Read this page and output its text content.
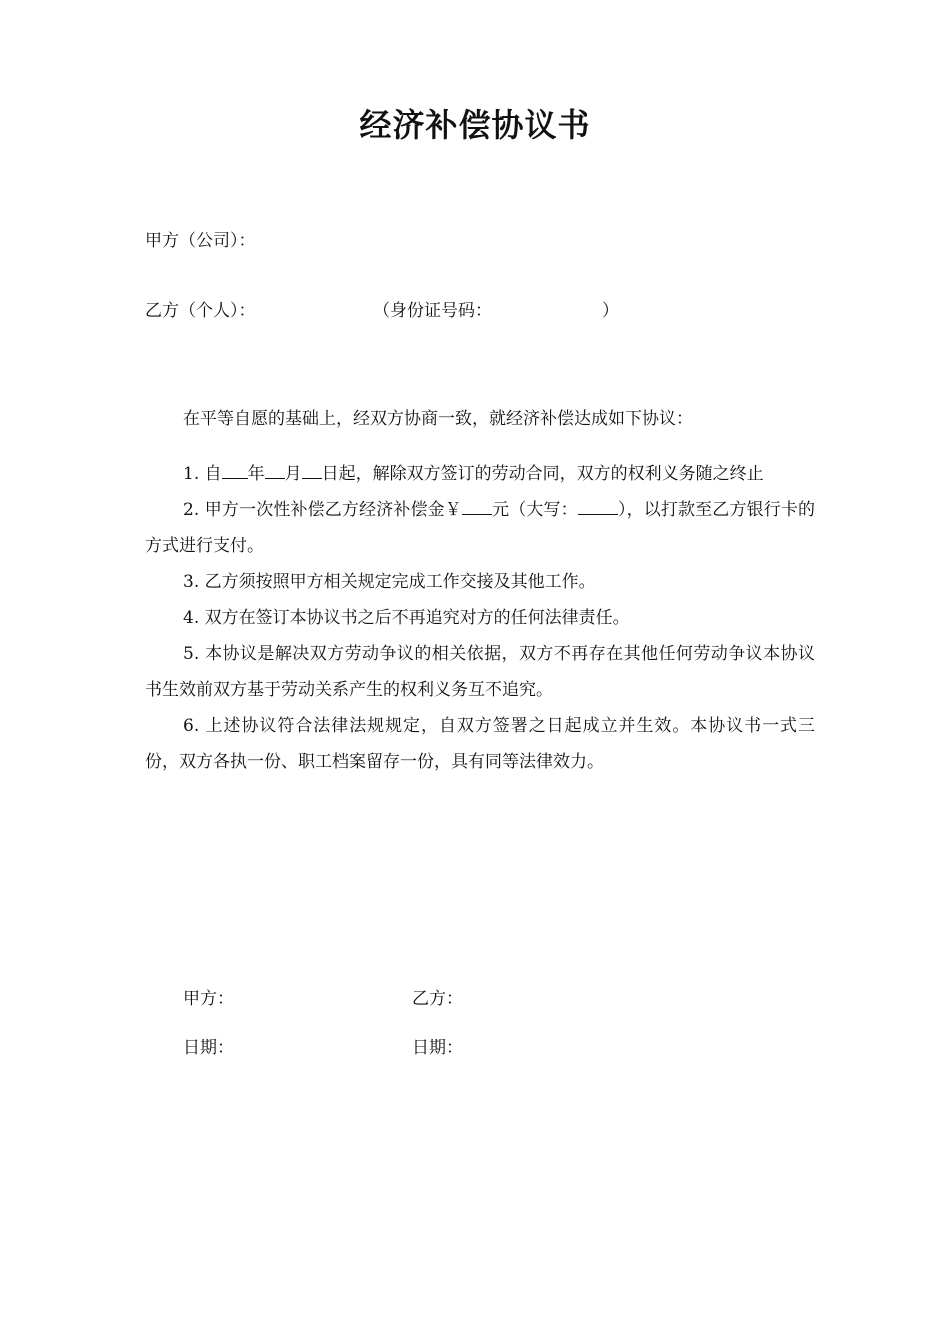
经济补偿协议书
甲方（公司）：
乙方（个人）：	（身份证号码：	）
在平等自愿的基础上，经双方协商一致，就经济补偿达成如下协议：

1. 自 年 月 日起，解除双方签订的劳动合同，双方的权利义务随之终止

2. 甲方一次性补偿乙方经济补偿金￥ 元（大写： ），以打款至乙方银行卡的方式进行支付。

3. 乙方须按照甲方相关规定完成工作交接及其他工作。

4. 双方在签订本协议书之后不再追究对方的任何法律责任。

5. 本协议是解决双方劳动争议的相关依据，双方不再存在其他任何劳动争议本协议书生效前双方基于劳动关系产生的权利义务互不追究。

6. 上述协议符合法律法规规定，自双方签署之日起成立并生效。本协议书一式三份，双方各执一份、职工档案留存一份，具有同等法律效力。

甲方：	乙方：
日期：	日期：
